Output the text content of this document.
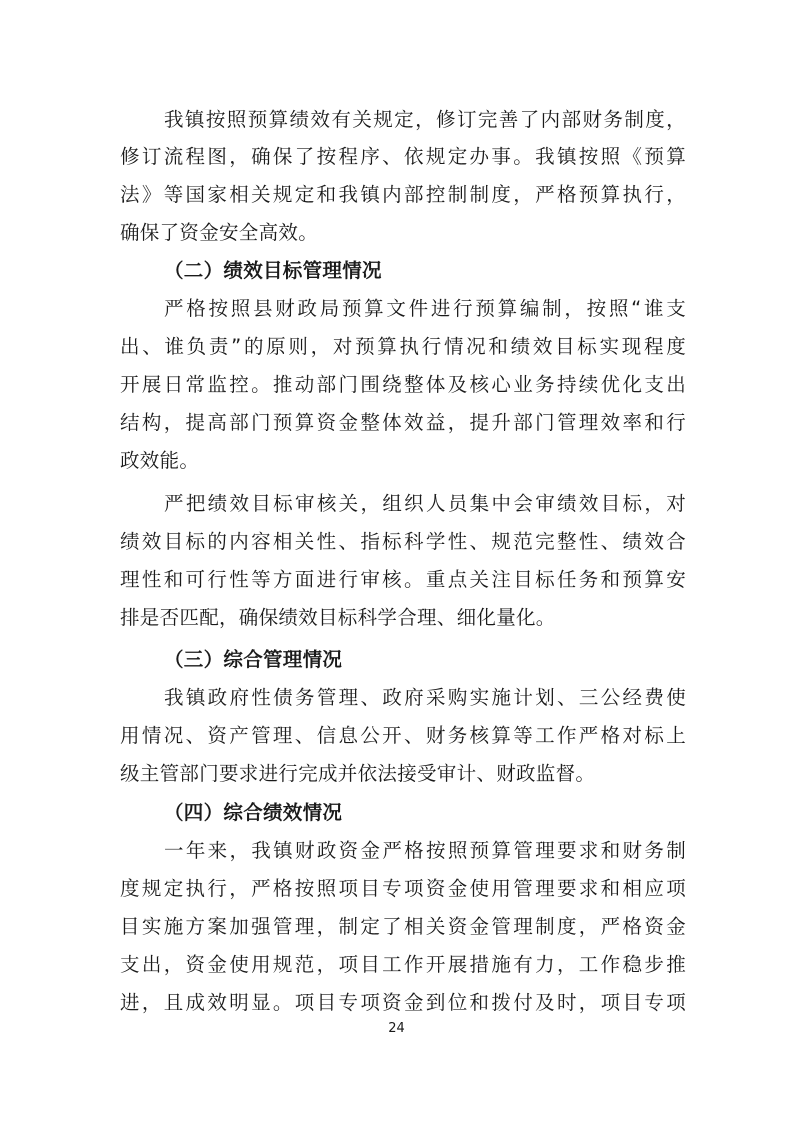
我镇按照预算绩效有关规定，修订完善了内部财务制度，
修订流程图，确保了按程序、依规定办事。我镇按照《预算
法》等国家相关规定和我镇内部控制制度，严格预算执行，
确保了资金安全高效。
（二）绩效目标管理情况
严格按照县财政局预算文件进行预算编制，按照“谁支
出、谁负责”的原则，对预算执行情况和绩效目标实现程度
开展日常监控。推动部门围绕整体及核心业务持续优化支出
结构，提高部门预算资金整体效益，提升部门管理效率和行
政效能。
严把绩效目标审核关，组织人员集中会审绩效目标，对
绩效目标的内容相关性、指标科学性、规范完整性、绩效合
理性和可行性等方面进行审核。重点关注目标任务和预算安
排是否匹配，确保绩效目标科学合理、细化量化。
（三）综合管理情况
我镇政府性债务管理、政府采购实施计划、三公经费使
用情况、资产管理、信息公开、财务核算等工作严格对标上
级主管部门要求进行完成并依法接受审计、财政监督。
（四）综合绩效情况
一年来，我镇财政资金严格按照预算管理要求和财务制
度规定执行，严格按照项目专项资金使用管理要求和相应项
目实施方案加强管理，制定了相关资金管理制度，严格资金
支出，资金使用规范，项目工作开展措施有力，工作稳步推
进，且成效明显。项目专项资金到位和拨付及时，项目专项
24
